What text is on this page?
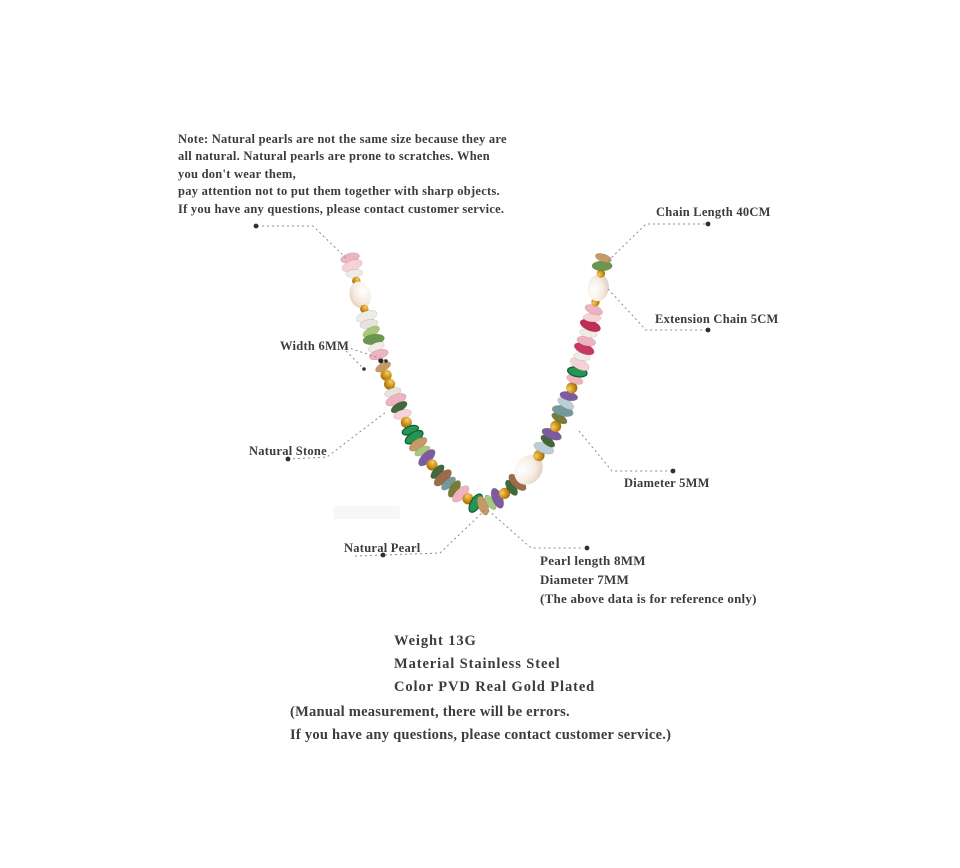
Note: Natural pearls are not the same size because they are
all natural. Natural pearls are prone to scratches. When
you don't wear them,
pay attention not to put them together with sharp objects.
If you have any questions, please contact customer service.	Chain Length 40CM
Extension Chain 5CM
Width 6MM
Natural Stone
Diameter 5MM
Natural Pearl
Pearl length 8MM
Diameter 7MM
(The above data is for reference only)
Weight 13G
Material Stainless Steel
Color PVD Real Gold Plated
(Manual measurement, there will be errors.
If you have any questions, please contact customer service.)
